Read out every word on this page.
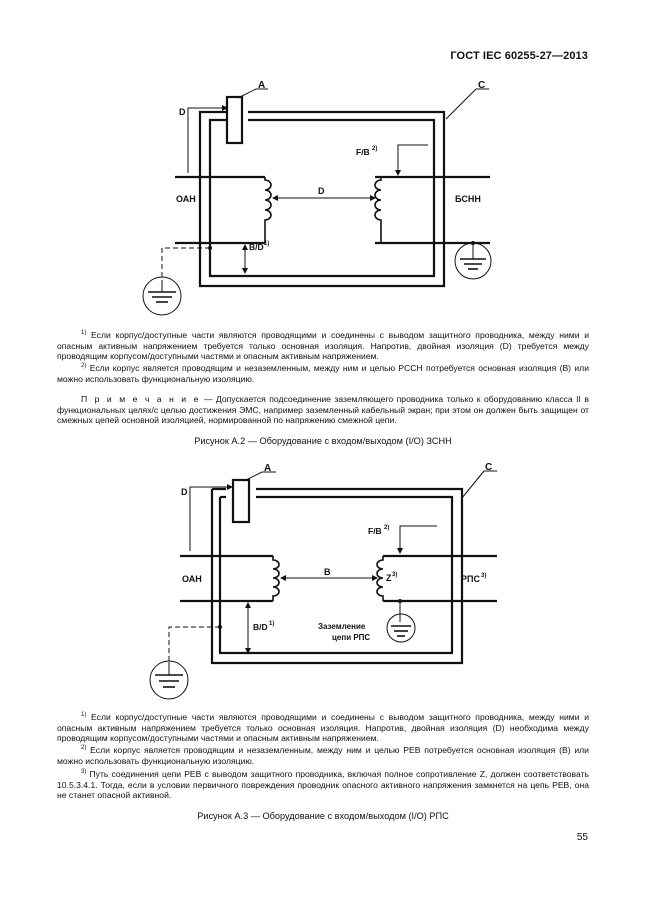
ГОСТ IEC 60255-27—2013
A	C
D
F/B 2)
ОАН
D
БСНН
B/D 1)
$^{1)}$ Если корпус/доступные части являются проводящими и соединены с выводом защитного проводника, между ними и опасным активным напряжением требуется только основная изоляция. Напротив, двойная изоляция (D) требуется между проводящим корпусом/доступными частями и опасным активным напряжением.
$^{2)}$ Если корпус является проводящим и незаземленным, между ним и целью РССН потребуется основная изоляция (B) или можно использовать функциональную изоляцию.
П р и м е ч а н и е — Допускается подсоединение заземляющего проводника только к оборудованию класса II в функциональных целях/с целью достижения ЭМС, например заземленный кабельный экран; при этом он должен быть защищен от смежных цепей основной изоляцией, нормированной по напряжению смежной цепи.
Рисунок А.2 — Оборудование с входом/выходом (I/O) ЗСНН
A	C
D
F/B 2)
ОАН
B
Z 3)	РПС 3)
B/D 1)	Заземление
цепи РПС
$^{1)}$ Если корпус/доступные части являются проводящими и соединены с выводом защитного проводника, между ними и опасным активным напряжением требуется только основная изоляция. Напротив, двойная изоляция (D) необходима между проводящим корпусом/доступными частями и опасным активным напряжением.
$^{2)}$ Если корпус является проводящим и незаземленным, между ним и целью РЕВ потребуется основная изоляция (B) или можно использовать функциональную изоляцию.
$^{3)}$ Путь соединения цепи РЕВ с выводом защитного проводника, включая полное сопротивление Z, должен соответствовать 10.5.3.4.1. Тогда, если в условии первичного повреждения проводник опасного активного напряжения замкнется на цепь РЕВ, она не станет опасной активной.
Рисунок А.3 — Оборудование с входом/выходом (I/O) РПС
55
